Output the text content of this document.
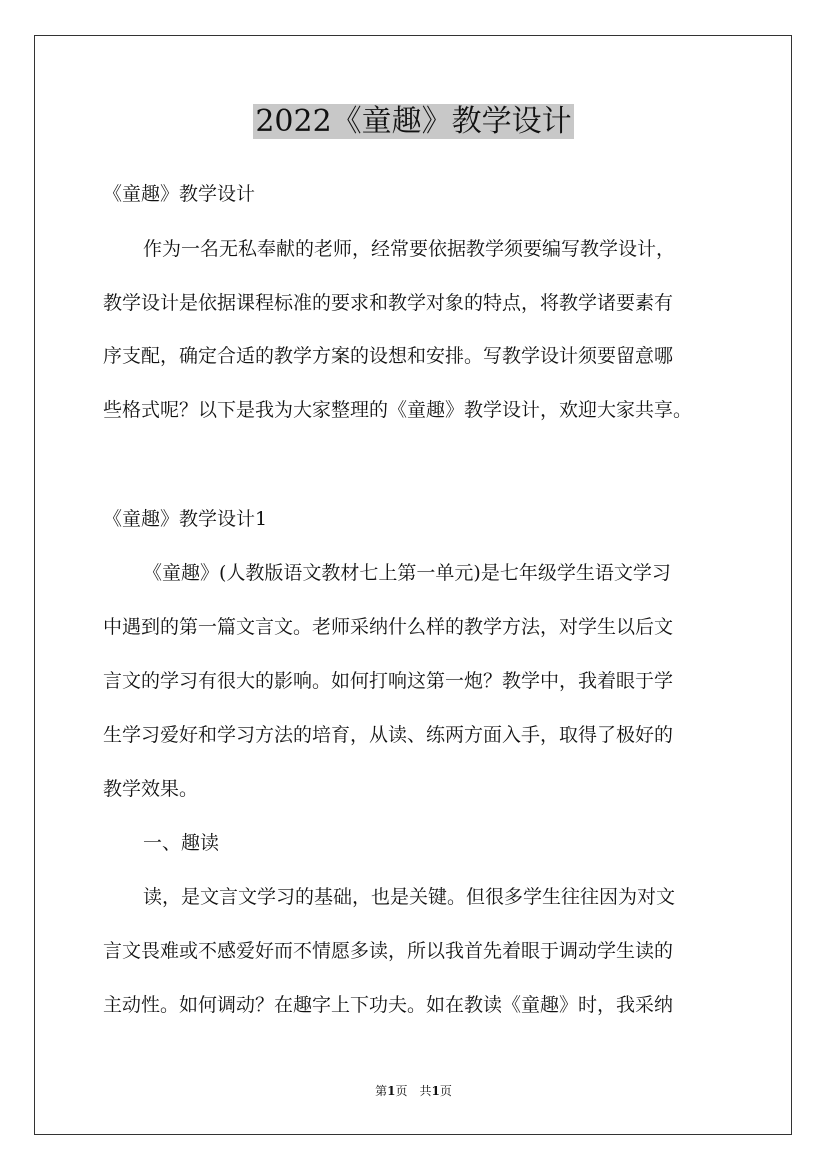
2022《童趣》教学设计
《童趣》教学设计
作为一名无私奉献的老师，经常要依据教学须要编写教学设计，
教学设计是依据课程标准的要求和教学对象的特点，将教学诸要素有
序支配，确定合适的教学方案的设想和安排。写教学设计须要留意哪
些格式呢？以下是我为大家整理的《童趣》教学设计，欢迎大家共享。
《童趣》教学设计1
《童趣》(人教版语文教材七上第一单元)是七年级学生语文学习
中遇到的第一篇文言文。老师采纳什么样的教学方法，对学生以后文
言文的学习有很大的影响。如何打响这第一炮？教学中，我着眼于学
生学习爱好和学习方法的培育，从读、练两方面入手，取得了极好的
教学效果。
一、趣读
读，是文言文学习的基础，也是关键。但很多学生往往因为对文
言文畏难或不感爱好而不情愿多读，所以我首先着眼于调动学生读的
主动性。如何调动？在趣字上下功夫。如在教读《童趣》时，我采纳
第1页　共1页
